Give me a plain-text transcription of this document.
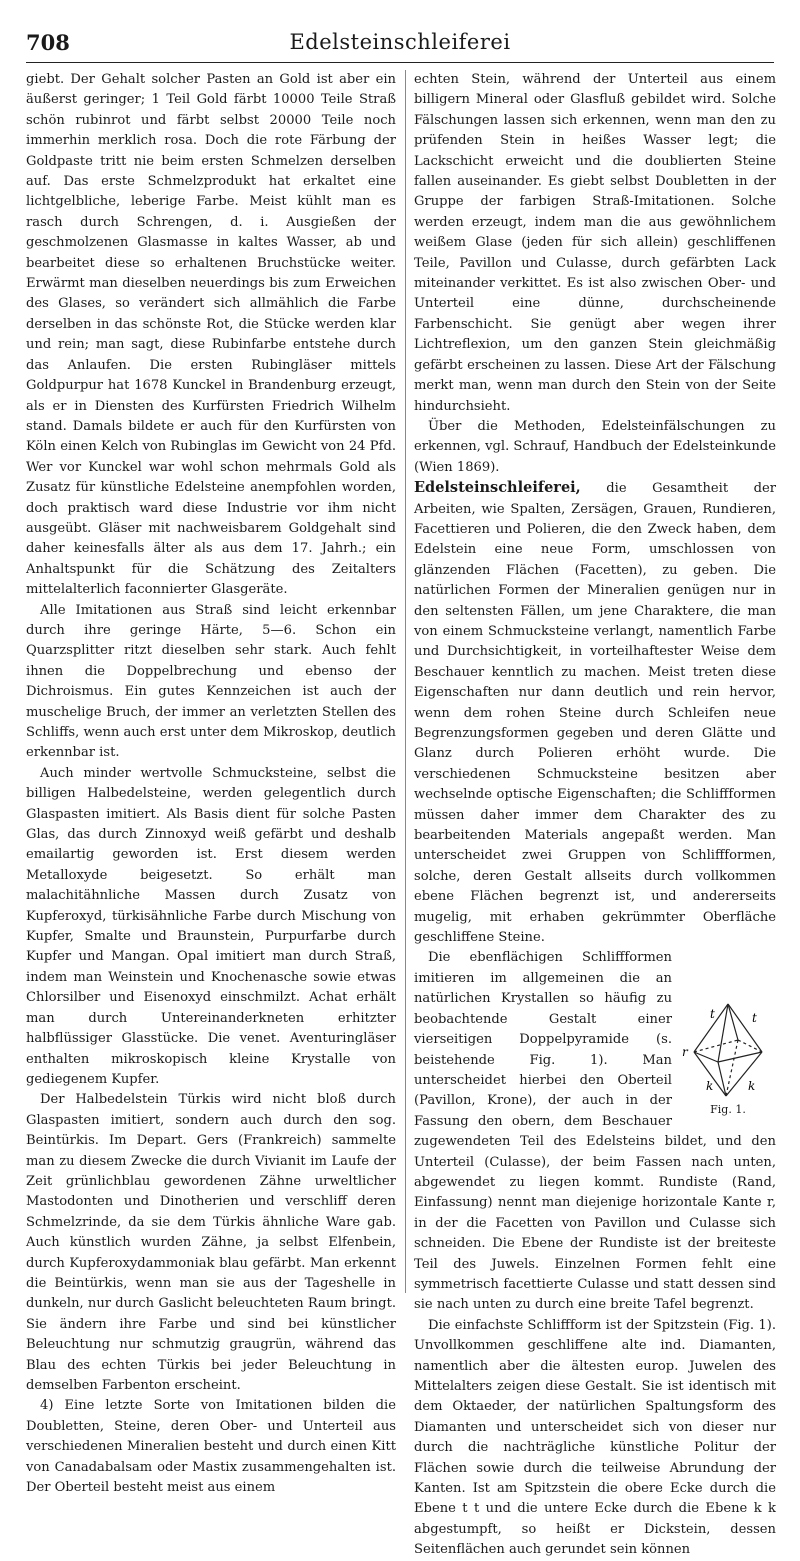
708	Edelsteinschleiferei

giebt. Der Gehalt solcher Pasten an Gold ist aber ein äußerst geringer; 1 Teil Gold färbt 10000 Teile Straß schön rubinrot und färbt selbst 20000 Teile noch immerhin merklich rosa. Doch die rote Färbung der Goldpaste tritt nie beim ersten Schmelzen derselben auf. Das erste Schmelzprodukt hat erkaltet eine lichtgelbliche, leberige Farbe. Meist kühlt man es rasch durch Schrengen, d. i. Ausgießen der geschmolzenen Glasmasse in kaltes Wasser, ab und bearbeitet diese so erhaltenen Bruchstücke weiter. Erwärmt man dieselben neuerdings bis zum Erweichen des Glases, so verändert sich allmählich die Farbe derselben in das schönste Rot, die Stücke werden klar und rein; man sagt, diese Rubinfarbe entstehe durch das Anlaufen. Die ersten Rubingläser mittels Goldpurpur hat 1678 Kunckel in Brandenburg erzeugt, als er in Diensten des Kurfürsten Friedrich Wilhelm stand. Damals bildete er auch für den Kurfürsten von Köln einen Kelch von Rubinglas im Gewicht von 24 Pfd. Wer vor Kunckel war wohl schon mehrmals Gold als Zusatz für künstliche Edelsteine anempfohlen worden, doch praktisch ward diese Industrie vor ihm nicht ausgeübt. Gläser mit nachweisbarem Goldgehalt sind daher keinesfalls älter als aus dem 17. Jahrh.; ein Anhaltspunkt für die Schätzung des Zeitalters mittelalterlich faconnierter Glasgeräte.

Alle Imitationen aus Straß sind leicht erkennbar durch ihre geringe Härte, 5—6. Schon ein Quarzsplitter ritzt dieselben sehr stark. Auch fehlt ihnen die Doppelbrechung und ebenso der Dichroismus. Ein gutes Kennzeichen ist auch der muschelige Bruch, der immer an verletzten Stellen des Schliffs, wenn auch erst unter dem Mikroskop, deutlich erkennbar ist.

Auch minder wertvolle Schmucksteine, selbst die billigen Halbedelsteine, werden gelegentlich durch Glaspasten imitiert. Als Basis dient für solche Pasten Glas, das durch Zinnoxyd weiß gefärbt und deshalb emailartig geworden ist. Erst diesem werden Metalloxyde beigesetzt. So erhält man malachitähnliche Massen durch Zusatz von Kupferoxyd, türkisähnliche Farbe durch Mischung von Kupfer, Smalte und Braunstein, Purpurfarbe durch Kupfer und Mangan. Opal imitiert man durch Straß, indem man Weinstein und Knochenasche sowie etwas Chlorsilber und Eisenoxyd einschmilzt. Achat erhält man durch Untereinanderkneten erhitzter halbflüssiger Glasstücke. Die venet. Aventuringläser enthalten mikroskopisch kleine Krystalle von gediegenem Kupfer.

Der Halbedelstein Türkis wird nicht bloß durch Glaspasten imitiert, sondern auch durch den sog. Beintürkis. Im Depart. Gers (Frankreich) sammelte man zu diesem Zwecke die durch Vivianit im Laufe der Zeit grünlichblau gewordenen Zähne urweltlicher Mastodonten und Dinotherien und verschliff deren Schmelzrinde, da sie dem Türkis ähnliche Ware gab. Auch künstlich wurden Zähne, ja selbst Elfenbein, durch Kupferoxydammoniak blau gefärbt. Man erkennt die Beintürkis, wenn man sie aus der Tageshelle in dunkeln, nur durch Gaslicht beleuchteten Raum bringt. Sie ändern ihre Farbe und sind bei künstlicher Beleuchtung nur schmutzig graugrün, während das Blau des echten Türkis bei jeder Beleuchtung in demselben Farbenton erscheint.

4) Eine letzte Sorte von Imitationen bilden die Doubletten, Steine, deren Ober- und Unterteil aus verschiedenen Mineralien besteht und durch einen Kitt von Canadabalsam oder Mastix zusammengehalten ist. Der Oberteil besteht meist aus einem

echten Stein, während der Unterteil aus einem billigern Mineral oder Glasfluß gebildet wird. Solche Fälschungen lassen sich erkennen, wenn man den zu prüfenden Stein in heißes Wasser legt; die Lackschicht erweicht und die doublierten Steine fallen auseinander. Es giebt selbst Doubletten in der Gruppe der farbigen Straß-Imitationen. Solche werden erzeugt, indem man die aus gewöhnlichem weißem Glase (jeden für sich allein) geschliffenen Teile, Pavillon und Culasse, durch gefärbten Lack miteinander verkittet. Es ist also zwischen Ober- und Unterteil eine dünne, durchscheinende Farbenschicht. Sie genügt aber wegen ihrer Lichtreflexion, um den ganzen Stein gleichmäßig gefärbt erscheinen zu lassen. Diese Art der Fälschung merkt man, wenn man durch den Stein von der Seite hindurchsieht.

Über die Methoden, Edelsteinfälschungen zu erkennen, vgl. Schrauf, Handbuch der Edelsteinkunde (Wien 1869).

Edelsteinschleiferei, die Gesamtheit der Arbeiten, wie Spalten, Zersägen, Grauen, Rundieren, Facettieren und Polieren, die den Zweck haben, dem Edelstein eine neue Form, umschlossen von glänzenden Flächen (Facetten), zu geben. Die natürlichen Formen der Mineralien genügen nur in den seltensten Fällen, um jene Charaktere, die man von einem Schmucksteine verlangt, namentlich Farbe und Durchsichtigkeit, in vorteilhaftester Weise dem Beschauer kenntlich zu machen. Meist treten diese Eigenschaften nur dann deutlich und rein hervor, wenn dem rohen Steine durch Schleifen neue Begrenzungsformen gegeben und deren Glätte und Glanz durch Polieren erhöht wurde. Die verschiedenen Schmucksteine besitzen aber wechselnde optische Eigenschaften; die Schliffformen müssen daher immer dem Charakter des zu bearbeitenden Materials angepaßt werden. Man unterscheidet zwei Gruppen von Schliffformen, solche, deren Gestalt allseits durch vollkommen ebene Flächen begrenzt ist, und andererseits mugelig, mit erhaben gekrümmter Oberfläche geschliffene Steine.

t	t
r
k	k
Fig. 1.
Die ebenflächigen Schliffformen imitieren im allgemeinen die an natürlichen Krystallen so häufig zu beobachtende Gestalt einer vierseitigen Doppelpyramide (s. beistehende Fig. 1). Man unterscheidet hierbei den Oberteil (Pavillon, Krone), der auch in der Fassung den obern, dem Beschauer zugewendeten Teil des Edelsteins bildet, und den Unterteil (Culasse), der beim Fassen nach unten, abgewendet zu liegen kommt. Rundiste (Rand, Einfassung) nennt man diejenige horizontale Kante r, in der die Facetten von Pavillon und Culasse sich schneiden. Die Ebene der Rundiste ist der breiteste Teil des Juwels. Einzelnen Formen fehlt eine symmetrisch facettierte Culasse und statt dessen sind sie nach unten zu durch eine breite Tafel begrenzt.

Die einfachste Schliffform ist der Spitzstein (Fig. 1). Unvollkommen geschliffene alte ind. Diamanten, namentlich aber die ältesten europ. Juwelen des Mittelalters zeigen diese Gestalt. Sie ist identisch mit dem Oktaeder, der natürlichen Spaltungsform des Diamanten und unterscheidet sich von dieser nur durch die nachträgliche künstliche Politur der Flächen sowie durch die teilweise Abrundung der Kanten. Ist am Spitzstein die obere Ecke durch die Ebene t t und die untere Ecke durch die Ebene k k abgestumpft, so heißt er Dickstein, dessen Seitenflächen auch gerundet sein können
